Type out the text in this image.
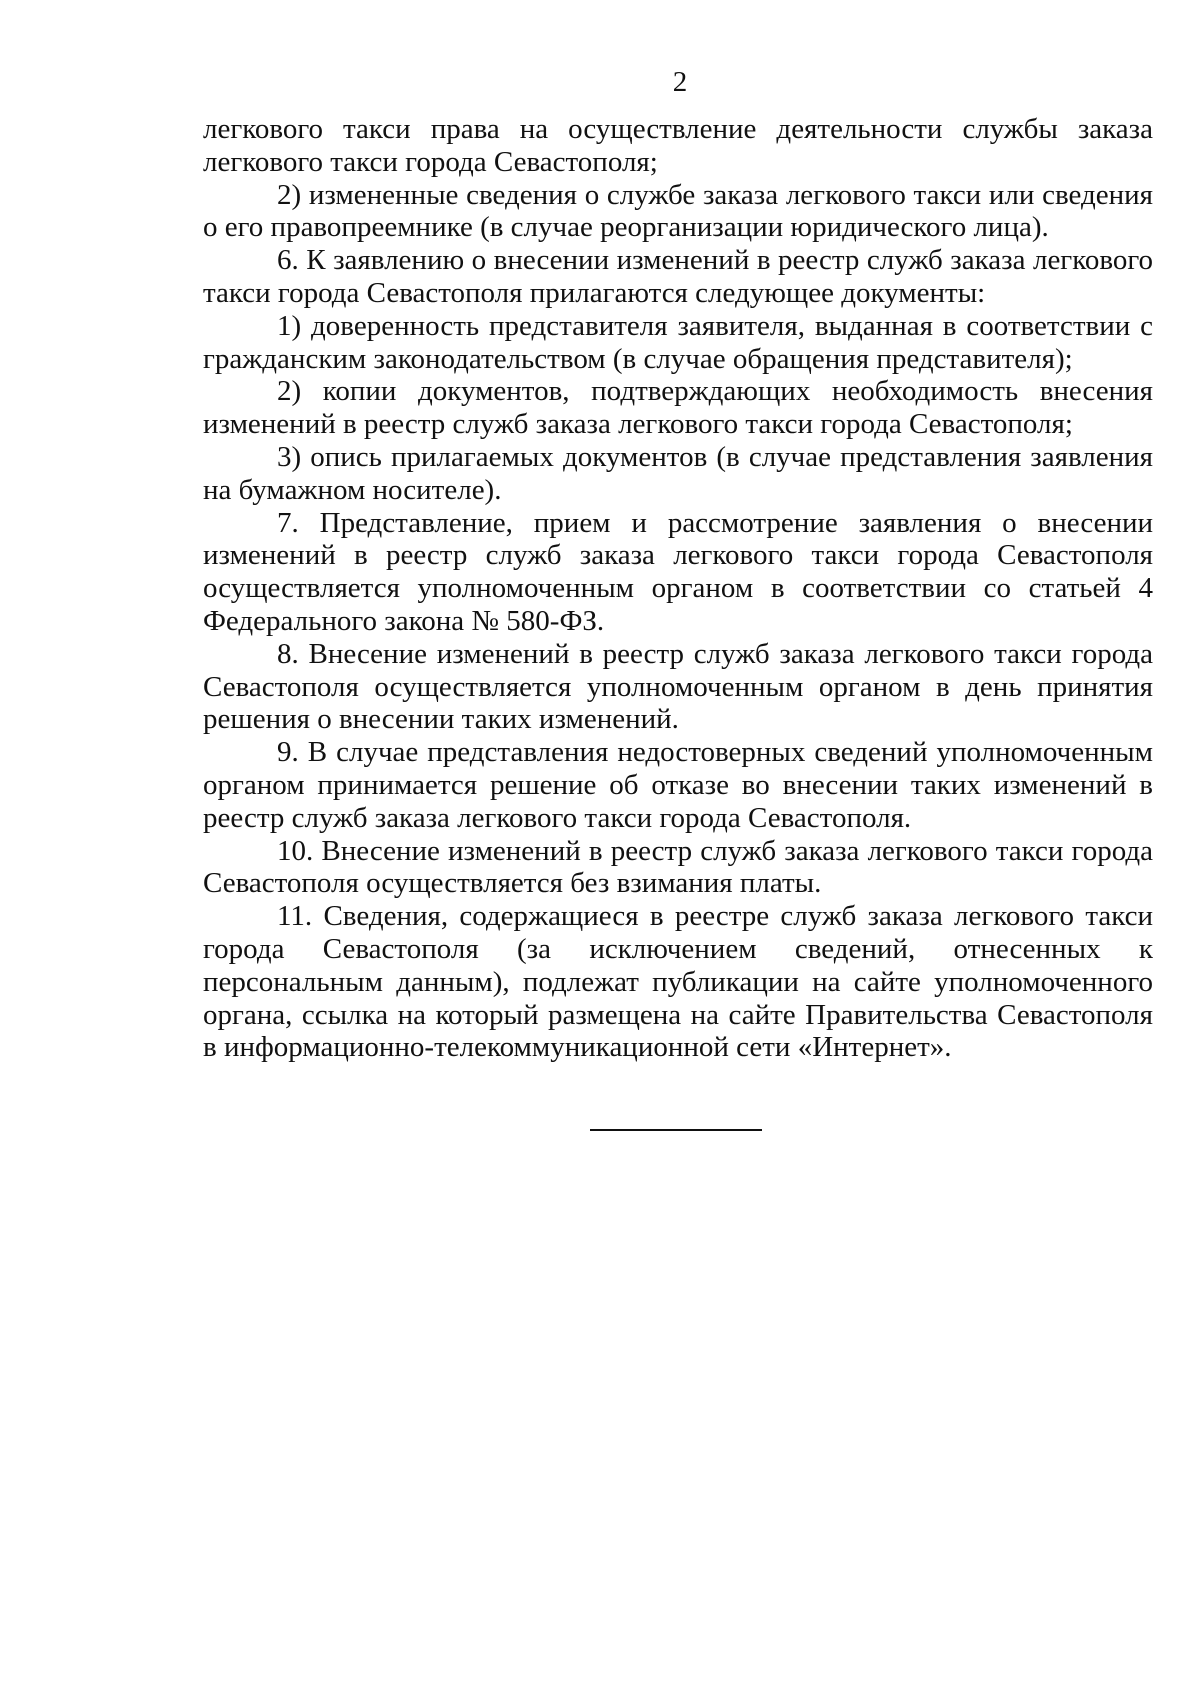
2

легкового такси права на осуществление деятельности службы заказа легкового такси города Севастополя;

2) измененные сведения о службе заказа легкового такси или сведения о его правопреемнике (в случае реорганизации юридического лица).

6. К заявлению о внесении изменений в реестр служб заказа легкового такси города Севастополя прилагаются следующее документы:

1) доверенность представителя заявителя, выданная в соответствии с гражданским законодательством (в случае обращения представителя);

2) копии документов, подтверждающих необходимость внесения изменений в реестр служб заказа легкового такси города Севастополя;

3) опись прилагаемых документов (в случае представления заявления на бумажном носителе).

7. Представление, прием и рассмотрение заявления о внесении изменений в реестр служб заказа легкового такси города Севастополя осуществляется уполномоченным органом в соответствии со статьей 4 Федерального закона № 580-ФЗ.

8. Внесение изменений в реестр служб заказа легкового такси города Севастополя осуществляется уполномоченным органом в день принятия решения о внесении таких изменений.

9. В случае представления недостоверных сведений уполномоченным органом принимается решение об отказе во внесении таких изменений в реестр служб заказа легкового такси города Севастополя.

10. Внесение изменений в реестр служб заказа легкового такси города Севастополя осуществляется без взимания платы.

11. Сведения, содержащиеся в реестре служб заказа легкового такси города Севастополя (за исключением сведений, отнесенных к персональным данным), подлежат публикации на сайте уполномоченного органа, ссылка на который размещена на сайте Правительства Севастополя в информационно-телекоммуникационной сети «Интернет».
